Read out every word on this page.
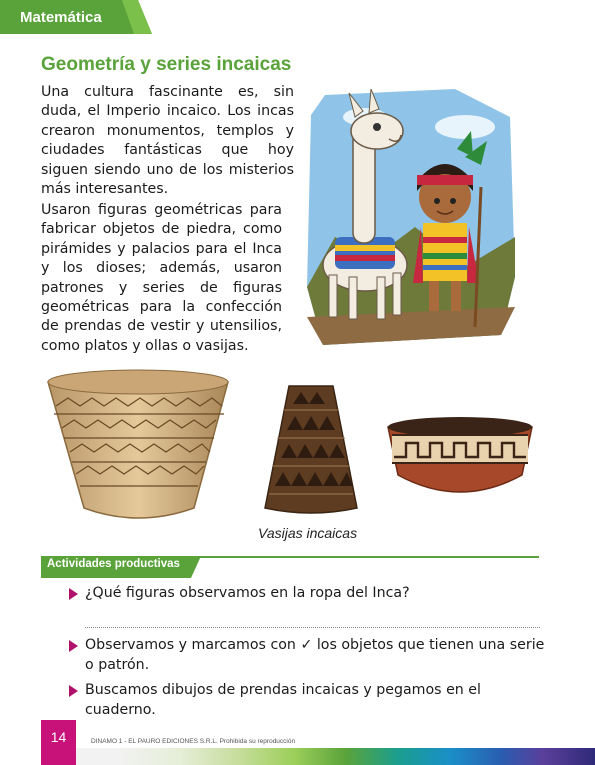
Matemática
Geometría y series incaicas
Una cultura fascinante es, sin duda, el Imperio incaico. Los incas crearon monumentos, templos y ciudades fantásticas que hoy siguen siendo uno de los misterios más interesantes.
Usaron figuras geométricas para fabricar objetos de piedra, como pirámides y palacios para el Inca y los dioses; además, usaron patrones y series de figuras geométricas para la confección de prendas de vestir y utensilios, como platos y ollas o vasijas.
Vasijas incaicas
Actividades productivas
¿Qué figuras observamos en la ropa del Inca?
Observamos y marcamos con ✓ los objetos que tienen una serie o patrón.
Buscamos dibujos de prendas incaicas y pegamos en el cuaderno.
14	DINAMO 1 - EL PAURO EDICIONES S.R.L. Prohibida su reproducción
